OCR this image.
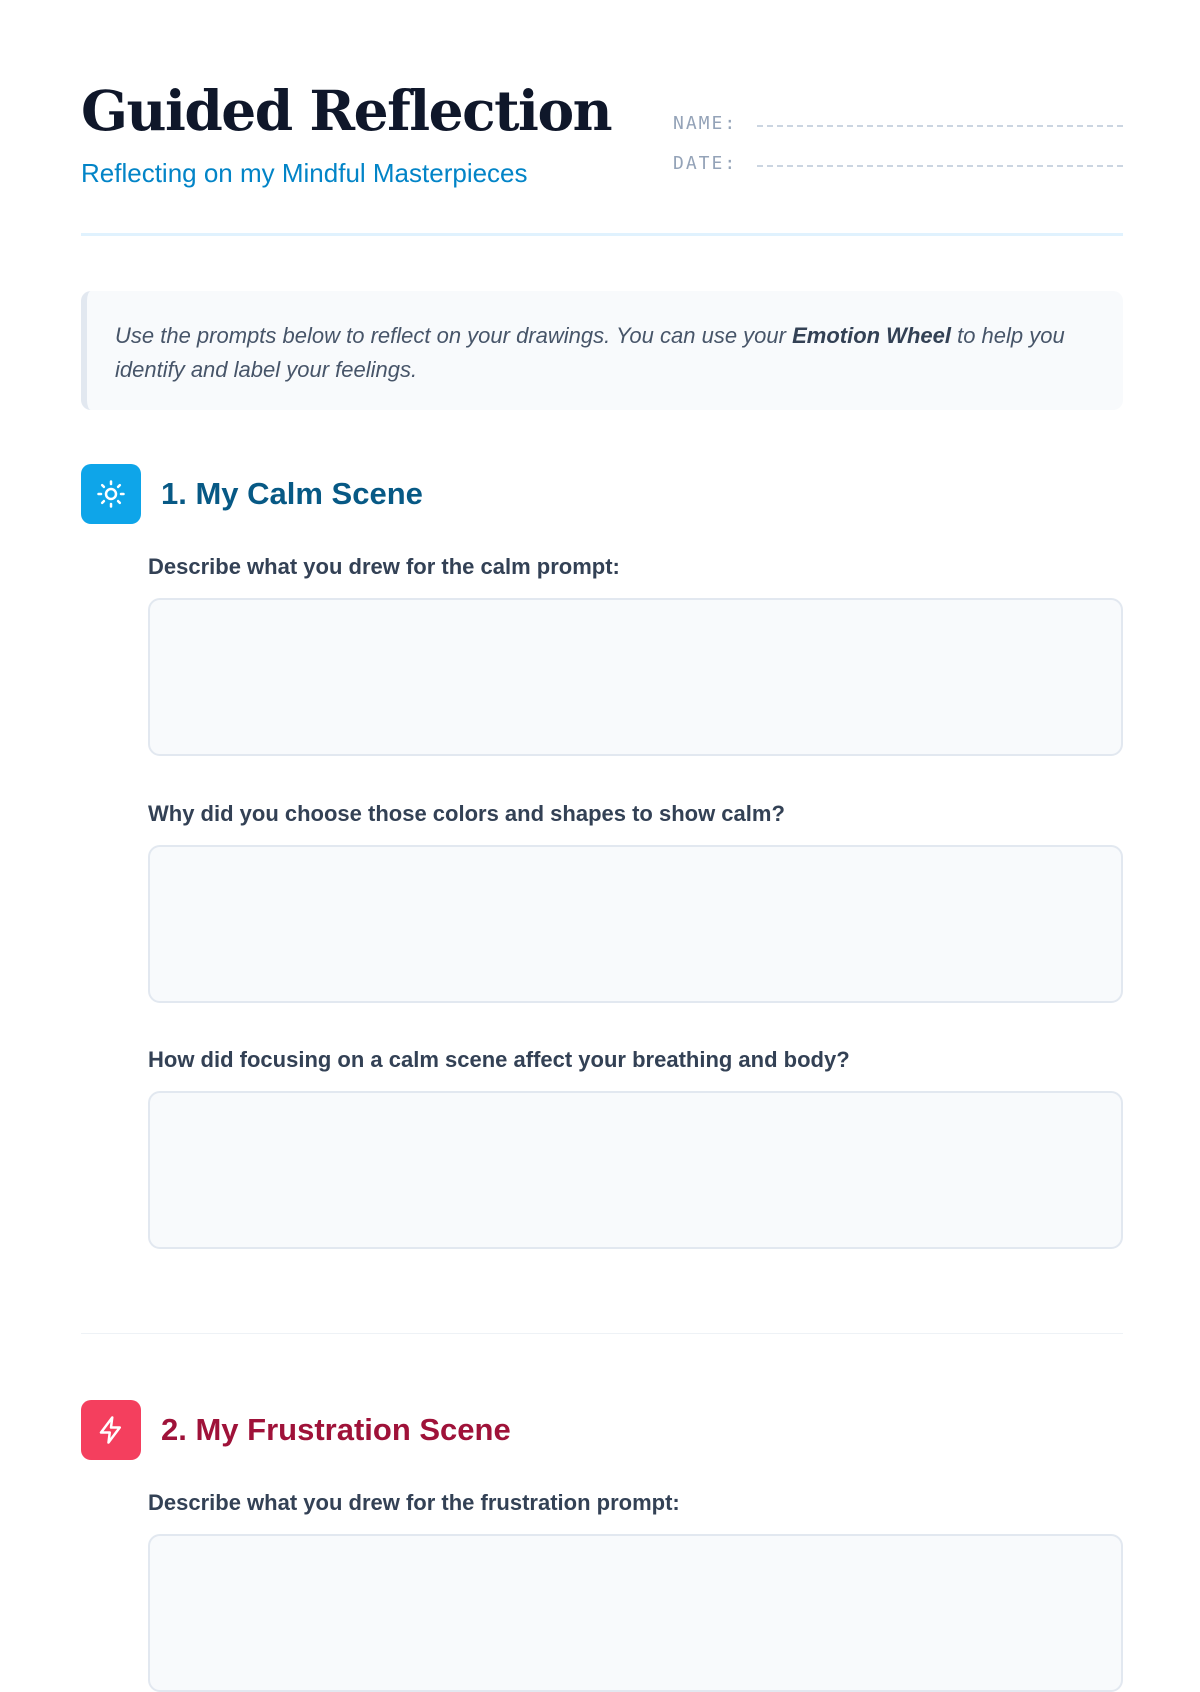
Guided Reflection

Reflecting on my Mindful Masterpieces

NAME:
DATE:
Use the prompts below to reflect on your drawings. You can use your Emotion Wheel to help you identify and label your feelings.
1. My Calm Scene

Describe what you drew for the calm prompt:

Why did you choose those colors and shapes to show calm?

How did focusing on a calm scene affect your breathing and body?

2. My Frustration Scene

Describe what you drew for the frustration prompt:
